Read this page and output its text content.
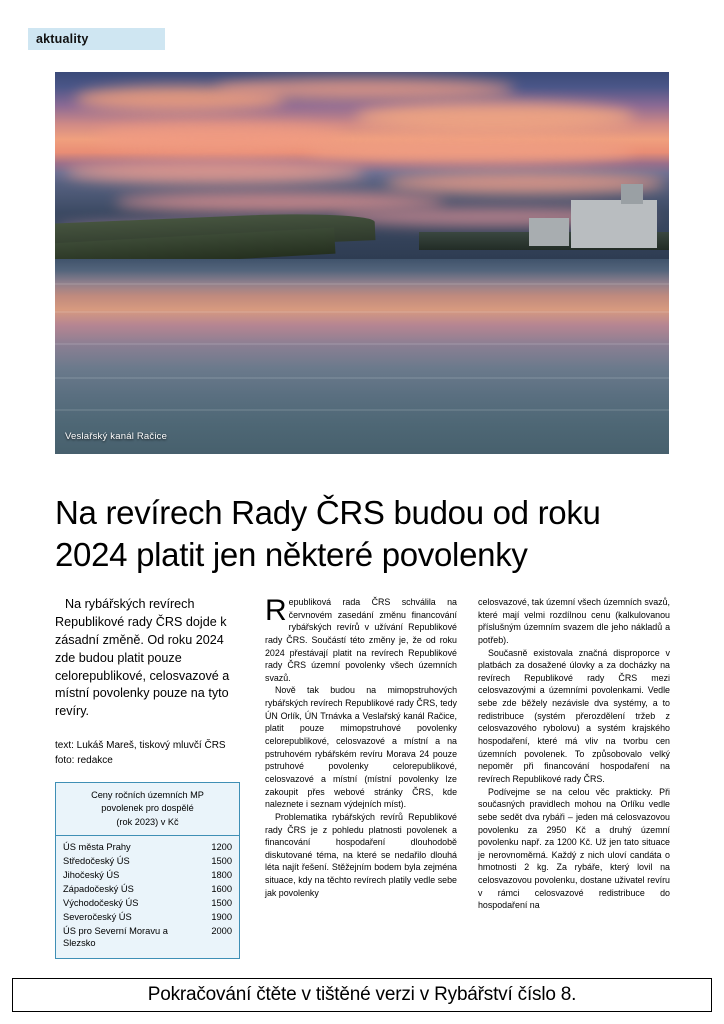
aktuality
Veslařský kanál Račice
Na revírech Rady ČRS budou od roku 2024 platit jen některé povolenky

Na rybářských revírech Republikové rady ČRS dojde k zásadní změně. Od roku 2024 zde budou platit pouze celorepublikové, celosvazové a místní povolenky pouze na tyto revíry.

text: Lukáš Mareš, tiskový mluvčí ČRS
foto: redakce
Ceny ročních územních MP
povolenek pro dospělé
(rok 2023) v Kč
ÚS města Prahy	1200
Středočeský ÚS	1500
Jihočeský ÚS	1800
Západočeský ÚS	1600
Východočeský ÚS	1500
Severočeský ÚS	1900
ÚS pro Severní Moravu a Slezsko
2000

Republiková rada ČRS schválila na červnovém zasedání změnu financování rybářských revírů v užívání Republikové rady ČRS. Součástí této změny je, že od roku 2024 přestávají platit na revírech Republikové rady ČRS územní povolenky všech územních svazů.

Nově tak budou na mimopstruhových rybářských revírech Republikové rady ČRS, tedy ÚN Orlík, ÚN Trnávka a Veslařský kanál Račice, platit pouze mimopstruhové povolenky celorepublikové, celosvazové a místní a na pstruhovém rybářském revíru Morava 24 pouze pstruhové povolenky celorepublikové, celosvazové a místní (místní povolenky lze zakoupit přes webové stránky ČRS, kde naleznete i seznam výdejních míst).

Problematika rybářských revírů Republikové rady ČRS je z pohledu platnosti povolenek a financování hospodaření dlouhodobě diskutované téma, na které se nedařilo dlouhá léta najít řešení. Stěžejním bodem byla zejména situace, kdy na těchto revírech platily vedle sebe jak povolenky

celosvazové, tak územní všech územních svazů, které mají velmi rozdílnou cenu (kalkulovanou příslušným územním svazem dle jeho nákladů a potřeb).

Současně existovala značná disproporce v platbách za dosažené úlovky a za docházky na revírech Republikové rady ČRS mezi celosvazovými a územními povolenkami. Vedle sebe zde běžely nezávisle dva systémy, a to redistribuce (systém přerozdělení tržeb z celosvazového rybolovu) a systém krajského hospodaření, které má vliv na tvorbu cen územních povolenek. To způsobovalo velký nepoměr při financování hospodaření na revírech Republikové rady ČRS.

Podívejme se na celou věc prakticky. Při současných pravidlech mohou na Orlíku vedle sebe sedět dva rybáři – jeden má celosvazovou povolenku za 2950 Kč a druhý územní povolenku např. za 1200 Kč. Už jen tato situace je nerovnoměrná. Každý z nich uloví candáta o hmotnosti 2 kg. Za rybáře, který lovil na celosvazovou povolenku, dostane uživatel revíru v rámci celosvazové redistribuce do hospodaření na

Pokračování čtěte v tištěné verzi v Rybářství číslo 8.
